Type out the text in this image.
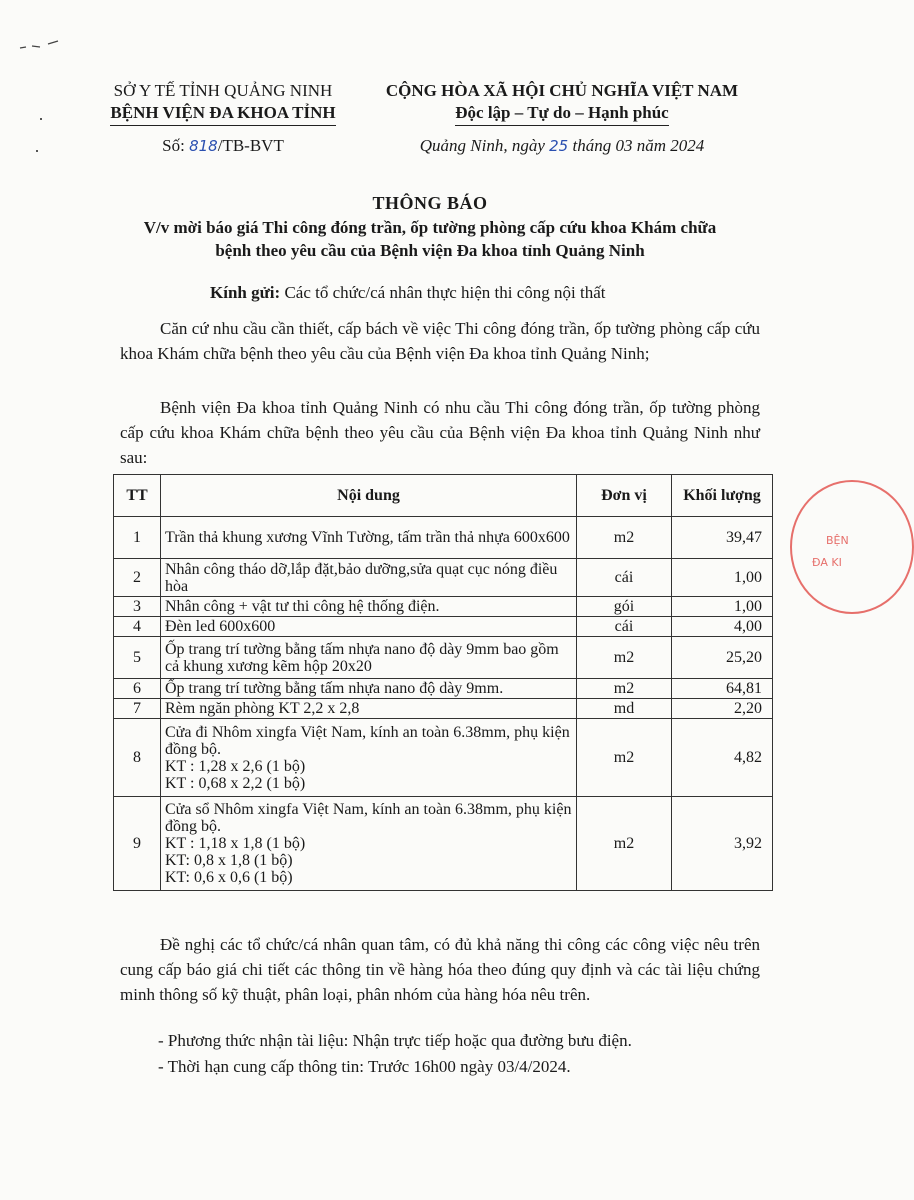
SỞ Y TẾ TỈNH QUẢNG NINH
BỆNH VIỆN ĐA KHOA TỈNH
CỘNG HÒA XÃ HỘI CHỦ NGHĨA VIỆT NAM
Độc lập – Tự do – Hạnh phúc
Số: 818/TB-BVT	Quảng Ninh, ngày 25 tháng 03 năm 2024
THÔNG BÁO
V/v mời báo giá Thi công đóng trần, ốp tường phòng cấp cứu khoa Khám chữa
bệnh theo yêu cầu của Bệnh viện Đa khoa tỉnh Quảng Ninh
Kính gửi: Các tổ chức/cá nhân thực hiện thi công nội thất

Căn cứ nhu cầu cần thiết, cấp bách về việc Thi công đóng trần, ốp tường phòng cấp cứu khoa Khám chữa bệnh theo yêu cầu của Bệnh viện Đa khoa tỉnh Quảng Ninh;

Bệnh viện Đa khoa tỉnh Quảng Ninh có nhu cầu Thi công đóng trần, ốp tường phòng cấp cứu khoa Khám chữa bệnh theo yêu cầu của Bệnh viện Đa khoa tỉnh Quảng Ninh như sau:

TT	Nội dung	Đơn vị	Khối lượng
1	Trần thả khung xương Vĩnh Tường, tấm trần thả nhựa 600x600	m2	39,47
2	Nhân công tháo dỡ,lắp đặt,bảo dưỡng,sửa quạt cục nóng điều hòa	cái	1,00
3	Nhân công + vật tư thi công hệ thống điện.	gói	1,00
4	Đèn led 600x600	cái	4,00
5	Ốp trang trí tường bằng tấm nhựa nano độ dày 9mm bao gồm cả khung xương kẽm hộp 20x20	m2	25,20
6	Ốp trang trí tường bằng tấm nhựa nano độ dày 9mm.	m2	64,81
7	Rèm ngăn phòng KT 2,2 x 2,8	md	2,20
8	Cửa đi Nhôm xingfa Việt Nam, kính an toàn 6.38mm, phụ kiện đồng bộ.
KT : 1,28 x 2,6 (1 bộ)
KT : 0,68 x 2,2 (1 bộ)	m2	4,82
9	Cửa sổ Nhôm xingfa Việt Nam, kính an toàn 6.38mm, phụ kiện đồng bộ.
KT : 1,18 x 1,8 (1 bộ)
KT: 0,8 x 1,8 (1 bộ)
KT: 0,6 x 0,6 (1 bộ)	m2	3,92

Đề nghị các tổ chức/cá nhân quan tâm, có đủ khả năng thi công các công việc nêu trên cung cấp báo giá chi tiết các thông tin về hàng hóa theo đúng quy định và các tài liệu chứng minh thông số kỹ thuật, phân loại, phân nhóm của hàng hóa nêu trên.

- Phương thức nhận tài liệu: Nhận trực tiếp hoặc qua đường bưu điện.
- Thời hạn cung cấp thông tin: Trước 16h00 ngày 03/4/2024.
BỆN
ĐA KI
